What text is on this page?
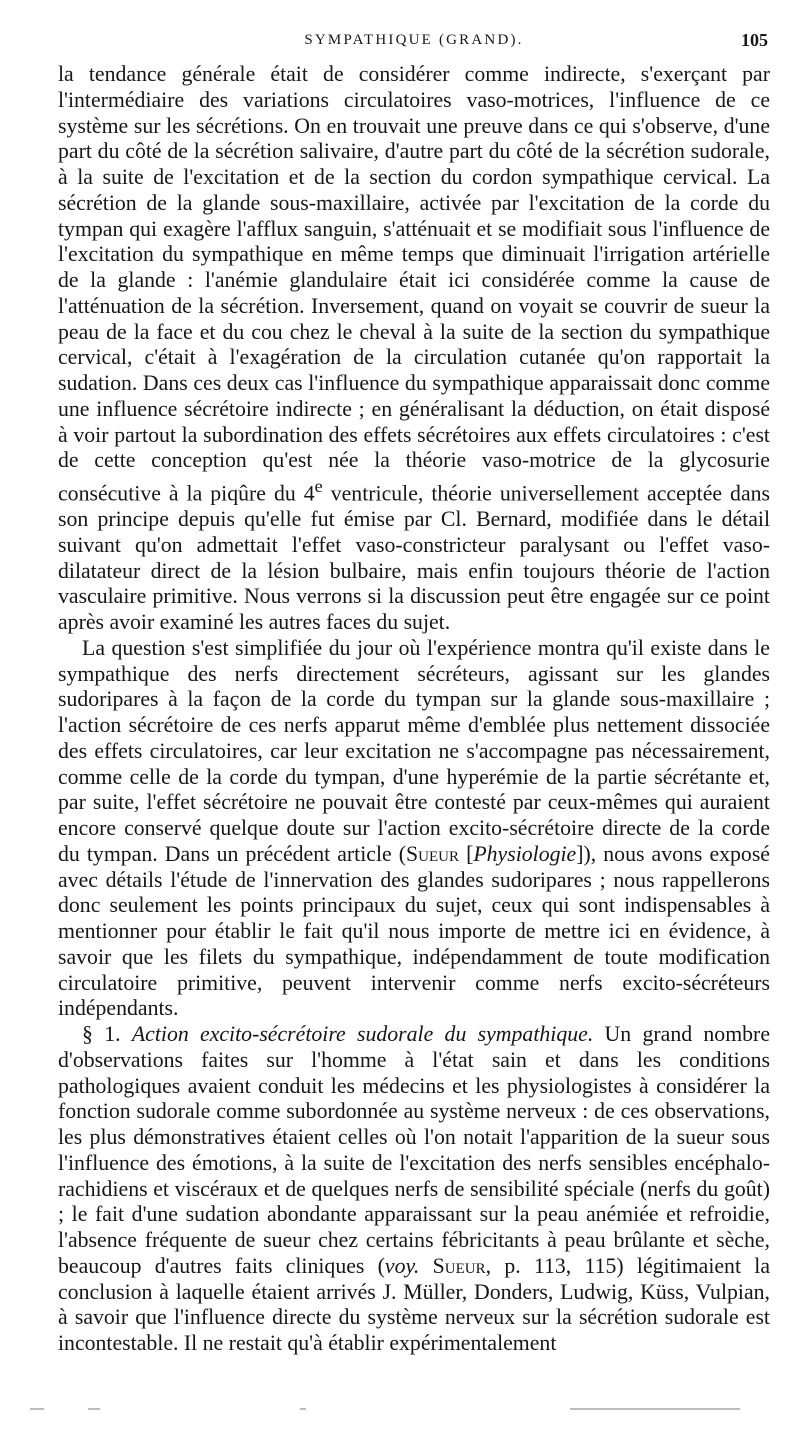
SYMPATHIQUE (GRAND).	105

la tendance générale était de considérer comme indirecte, s'exerçant par l'intermédiaire des variations circulatoires vaso-motrices, l'influence de ce système sur les sécrétions. On en trouvait une preuve dans ce qui s'observe, d'une part du côté de la sécrétion salivaire, d'autre part du côté de la sécrétion sudorale, à la suite de l'excitation et de la section du cordon sympathique cervical. La sécrétion de la glande sous-maxillaire, activée par l'excitation de la corde du tympan qui exagère l'afflux sanguin, s'atténuait et se modifiait sous l'influence de l'excitation du sympathique en même temps que diminuait l'irrigation artérielle de la glande : l'anémie glandulaire était ici considérée comme la cause de l'atténuation de la sécrétion. Inversement, quand on voyait se couvrir de sueur la peau de la face et du cou chez le cheval à la suite de la section du sympathique cervical, c'était à l'exagération de la circulation cutanée qu'on rapportait la sudation. Dans ces deux cas l'influence du sympathique apparaissait donc comme une influence sécrétoire indirecte ; en généralisant la déduction, on était disposé à voir partout la subordination des effets sécrétoires aux effets circulatoires : c'est de cette conception qu'est née la théorie vaso-motrice de la glycosurie consécutive à la piqûre du 4e ventricule, théorie universellement acceptée dans son principe depuis qu'elle fut émise par Cl. Bernard, modifiée dans le détail suivant qu'on admettait l'effet vaso-constricteur paralysant ou l'effet vaso-dilatateur direct de la lésion bulbaire, mais enfin toujours théorie de l'action vasculaire primitive. Nous verrons si la discussion peut être engagée sur ce point après avoir examiné les autres faces du sujet.

La question s'est simplifiée du jour où l'expérience montra qu'il existe dans le sympathique des nerfs directement sécréteurs, agissant sur les glandes sudoripares à la façon de la corde du tympan sur la glande sous-maxillaire ; l'action sécrétoire de ces nerfs apparut même d'emblée plus nettement dissociée des effets circulatoires, car leur excitation ne s'accompagne pas nécessairement, comme celle de la corde du tympan, d'une hyperémie de la partie sécrétante et, par suite, l'effet sécrétoire ne pouvait être contesté par ceux-mêmes qui auraient encore conservé quelque doute sur l'action excito-sécrétoire directe de la corde du tympan. Dans un précédent article (Sueur [Physiologie]), nous avons exposé avec détails l'étude de l'innervation des glandes sudoripares ; nous rappellerons donc seulement les points principaux du sujet, ceux qui sont indispensables à mentionner pour établir le fait qu'il nous importe de mettre ici en évidence, à savoir que les filets du sympathique, indépendamment de toute modification circulatoire primitive, peuvent intervenir comme nerfs excito-sécréteurs indépendants.

§ 1. Action excito-sécrétoire sudorale du sympathique. Un grand nombre d'observations faites sur l'homme à l'état sain et dans les conditions pathologiques avaient conduit les médecins et les physiologistes à considérer la fonction sudorale comme subordonnée au système nerveux : de ces observations, les plus démonstratives étaient celles où l'on notait l'apparition de la sueur sous l'influence des émotions, à la suite de l'excitation des nerfs sensibles encéphalo-rachidiens et viscéraux et de quelques nerfs de sensibilité spéciale (nerfs du goût) ; le fait d'une sudation abondante apparaissant sur la peau anémiée et refroidie, l'absence fréquente de sueur chez certains fébricitants à peau brûlante et sèche, beaucoup d'autres faits cliniques (voy. Sueur, p. 113, 115) légitimaient la conclusion à laquelle étaient arrivés J. Müller, Donders, Ludwig, Küss, Vulpian, à savoir que l'influence directe du système nerveux sur la sécrétion sudorale est incontestable. Il ne restait qu'à établir expérimentalement
